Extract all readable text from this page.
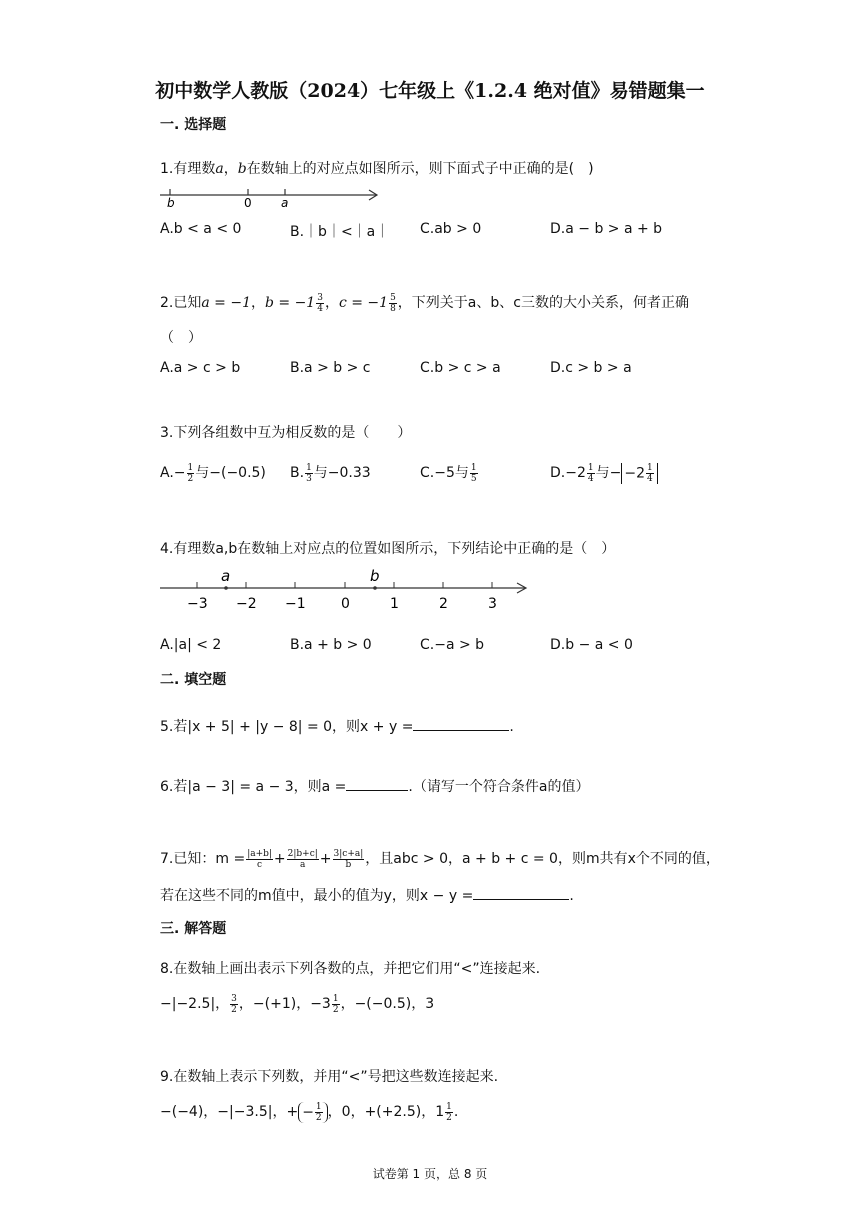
初中数学人教版（2024）七年级上《1.2.4 绝对值》易错题集一
一. 选择题
1.有理数a，b在数轴上的对应点如图所示，则下面式子中正确的是(　)
b	0 a
A.b < a < 0	B.｜b｜<｜a｜ C.ab > 0	D.a − b > a + b
2.已知a = −1，$b = -1 \frac{3}{4}$ ，$c = -1 \frac{5}{8}$ ，下列关于a、b、c三数的大小关系，何者正确
（　）
A.a > c > b	B.a > b > c	C.b > c > a	D.c > b > a
3.下列各组数中互为相反数的是（　　）
$A.- \frac{1}{2}$ 与−(−0.5) B. $\frac{1}{3}$ 与−0.33	C.−5与 $\frac{1}{5}$	$D.-2 \frac{1}{4}$ 与− $-2 \frac{1}{4}$
4.有理数a,b在数轴上对应点的位置如图所示，下列结论中正确的是（　）
−3 −2 −1	0	1	2	3
a	b
A.|a| < 2	B.a + b > 0	C.−a > b	D.b − a < 0
二. 填空题
5.若|x + 5| + |y − 8| = 0，则x + y =	.
6.若|a − 3| = a − 3，则a =	.（请写一个符合条件a的值）
7.已知：$m = \frac{|a+b|}{c} + \frac{2|b+c|}{a} + \frac{3|c+a|}{b}$ ，且abc > 0，a + b + c = 0，则m共有x个不同的值，
若在这些不同的m值中，最小的值为y，则x − y =	.
三. 解答题
8.在数轴上画出表示下列各数的点，并把它们用“<”连接起来.
−|−2.5|， $\frac{3}{2}$ ，−(+1)，$-3 \frac{1}{2}$ ，−(−0.5)，3
9.在数轴上表示下列数，并用“<”号把这些数连接起来.
−(−4)，−|−3.5|，+ − $\frac{1}{2}$ ，0，+(+2.5)，$1 \frac{1}{2}$ .
试卷第 1 页，总 8 页
